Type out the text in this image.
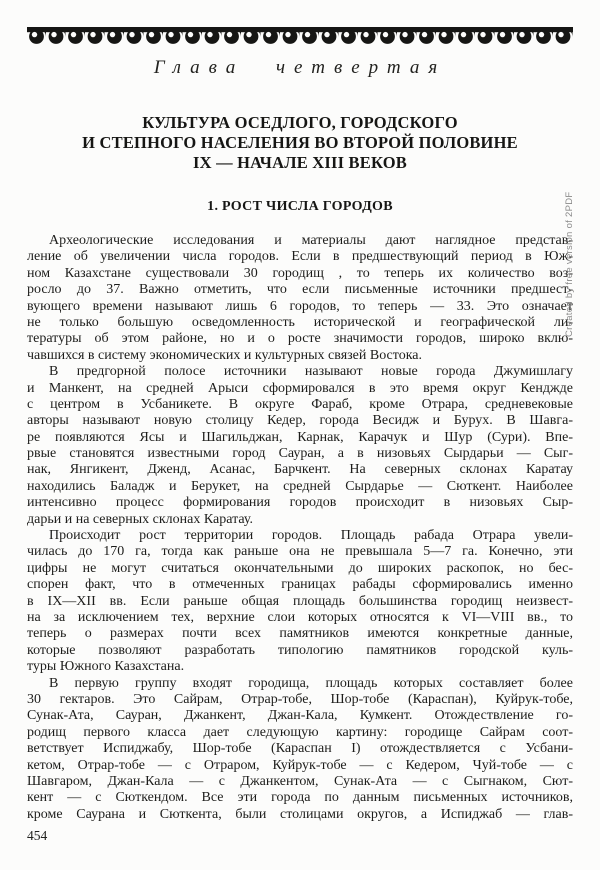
Глава четвертая
КУЛЬТУРА ОСЕДЛОГО, ГОРОДСКОГО
И СТЕПНОГО НАСЕЛЕНИЯ ВО ВТОРОЙ ПОЛОВИНЕ
IX — НАЧАЛЕ XIII ВЕКОВ
1. РОСТ ЧИСЛА ГОРОДОВ
Археологические исследования и материалы дают наглядное представ-
ление об увеличении числа городов. Если в предшествующий период в Юж-
ном Казахстане существовали 30 городищ , то теперь их количество воз-
росло до 37. Важно отметить, что если письменные источники предшест-
вующего времени называют лишь 6 городов, то теперь — 33. Это означает
не только большую осведомленность исторической и географической ли-
тературы об этом районе, но и о росте значимости городов, широко вклю-
чавшихся в систему экономических и культурных связей Востока.
В предгорной полосе источники называют новые города Джумишлагу
и Манкент, на средней Арыси сформировался в это время округ Кенджде
с центром в Усбаникете. В округе Фараб, кроме Отрара, средневековые
авторы называют новую столицу Кедер, города Весидж и Бурух. В Шавга-
ре появляются Ясы и Шагильджан, Карнак, Карачук и Шур (Сури). Впе-
рвые становятся известными город Сауран, а в низовьях Сырдарьи — Сыг-
нак, Янгикент, Дженд, Асанас, Барчкент. На северных склонах Каратау
находились Баладж и Берукет, на средней Сырдарье — Сюткент. Наиболее
интенсивно процесс формирования городов происходит в низовьях Сыр-
дарьи и на северных склонах Каратау.
Происходит рост территории городов. Площадь рабада Отрара увели-
чилась до 170 га, тогда как раньше она не превышала 5—7 га. Конечно, эти
цифры не могут считаться окончательными до широких раскопок, но бес-
спорен факт, что в отмеченных границах рабады сформировались именно
в IX—XII вв. Если раньше общая площадь большинства городищ неизвест-
на за исключением тех, верхние слои которых относятся к VI—VIII вв., то
теперь о размерах почти всех памятников имеются конкретные данные,
которые позволяют разработать типологию памятников городской куль-
туры Южного Казахстана.
В первую группу входят городища, площадь которых составляет более
30 гектаров. Это Сайрам, Отрар-тобе, Шор-тобе (Караспан), Куйрук-тобе,
Сунак-Ата, Сауран, Джанкент, Джан-Кала, Кумкент. Отождествление го-
родищ первого класса дает следующую картину: городище Сайрам соот-
ветствует Испиджабу, Шор-тобе (Караспан I) отождествляется с Усбани-
кетом, Отрар-тобе — с Отраром, Куйрук-тобе — с Кедером, Чуй-тобе — с
Шавгаром, Джан-Кала — с Джанкентом, Сунак-Ата — с Сыгнаком, Сют-
кент — с Сюткендом. Все эти города по данным письменных источников,
кроме Саурана и Сюткента, были столицами округов, а Испиджаб — глав-
454
Created by free version of 2PDF
